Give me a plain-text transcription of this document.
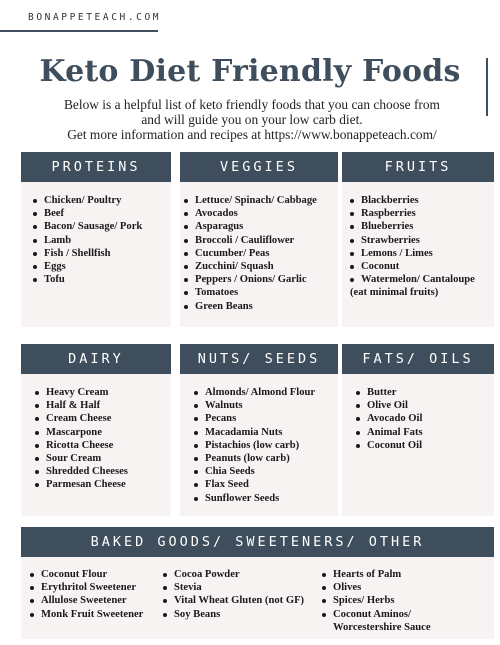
BONAPPETEACH.COM
Keto Diet Friendly Foods
Below is a helpful list of keto friendly foods that you can choose from
and will guide you on your low carb diet.
Get more information and recipes at https://www.bonappeteach.com/
PROTEINS
Chicken/ Poultry
Beef
Bacon/ Sausage/ Pork
Lamb
Fish / Shellfish
Eggs
Tofu
VEGGIES
Lettuce/ Spinach/ Cabbage
Avocados
Asparagus
Broccoli / Cauliflower
Cucumber/ Peas
Zucchini/ Squash
Peppers / Onions/ Garlic
Tomatoes
Green Beans
FRUITS
Blackberries
Raspberries
Blueberries
Strawberries
Lemons / Limes
Coconut
Watermelon/ Cantaloupe
(eat minimal fruits)
DAIRY
Heavy Cream
Half & Half
Cream Cheese
Mascarpone
Ricotta Cheese
Sour Cream
Shredded Cheeses
Parmesan Cheese
NUTS/ SEEDS
Almonds/ Almond Flour
Walnuts
Pecans
Macadamia Nuts
Pistachios (low carb)
Peanuts (low carb)
Chia Seeds
Flax Seed
Sunflower Seeds
FATS/ OILS
Butter
Olive Oil
Avocado Oil
Animal Fats
Coconut Oil
BAKED GOODS/ SWEETENERS/ OTHER
Coconut Flour
Erythritol Sweetener
Allulose Sweetener
Monk Fruit Sweetener
Cocoa Powder
Stevia
Vital Wheat Gluten (not GF)
Soy Beans
Hearts of Palm
Olives
Spices/ Herbs
Coconut Aminos/
Worcestershire Sauce
